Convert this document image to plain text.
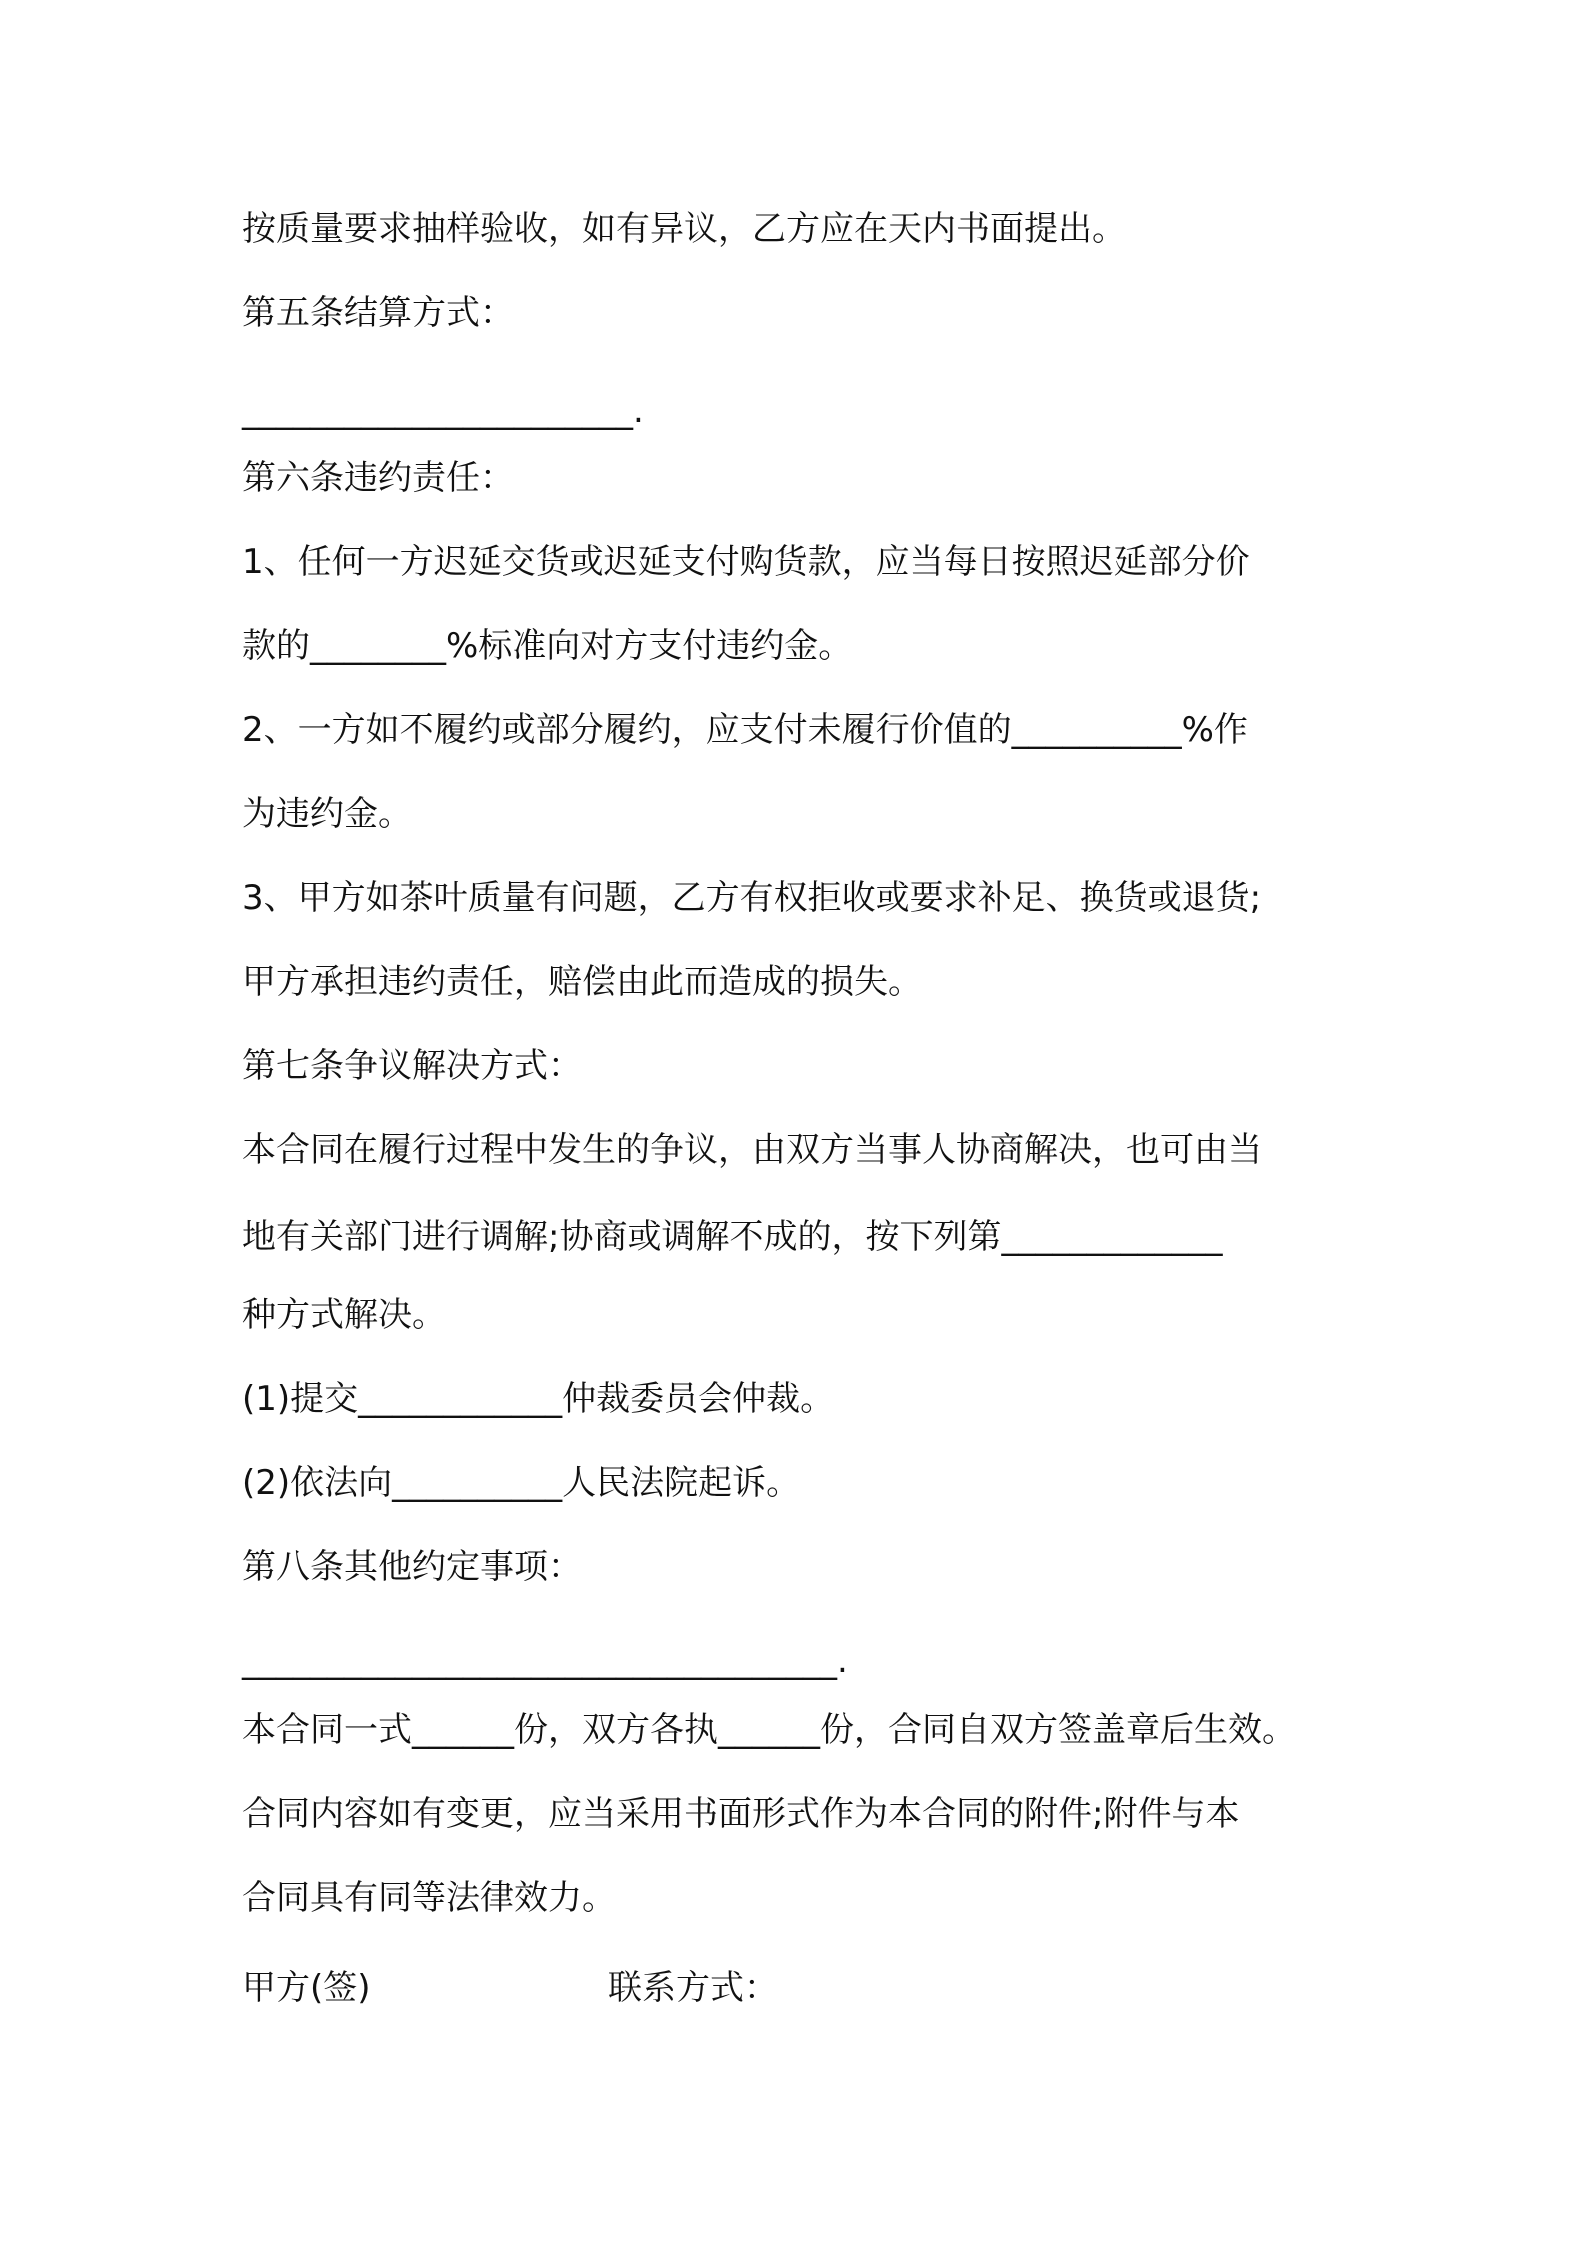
按质量要求抽样验收，如有异议，乙方应在天内书面提出。

第五条结算方式：

_______________________.

第六条违约责任：

1、任何一方迟延交货或迟延支付购货款，应当每日按照迟延部分价

款的________%标准向对方支付违约金。

2、一方如不履约或部分履约，应支付未履行价值的__________%作

为违约金。

3、甲方如茶叶质量有问题，乙方有权拒收或要求补足、换货或退货;

甲方承担违约责任，赔偿由此而造成的损失。

第七条争议解决方式：

本合同在履行过程中发生的争议，由双方当事人协商解决，也可由当

地有关部门进行调解;协商或调解不成的，按下列第_____________

种方式解决。

(1)提交____________仲裁委员会仲裁。

(2)依法向__________人民法院起诉。

第八条其他约定事项：

___________________________________.

本合同一式______份，双方各执______份，合同自双方签盖章后生效。

合同内容如有变更，应当采用书面形式作为本合同的附件;附件与本

合同具有同等法律效力。

甲方(签)	联系方式：
